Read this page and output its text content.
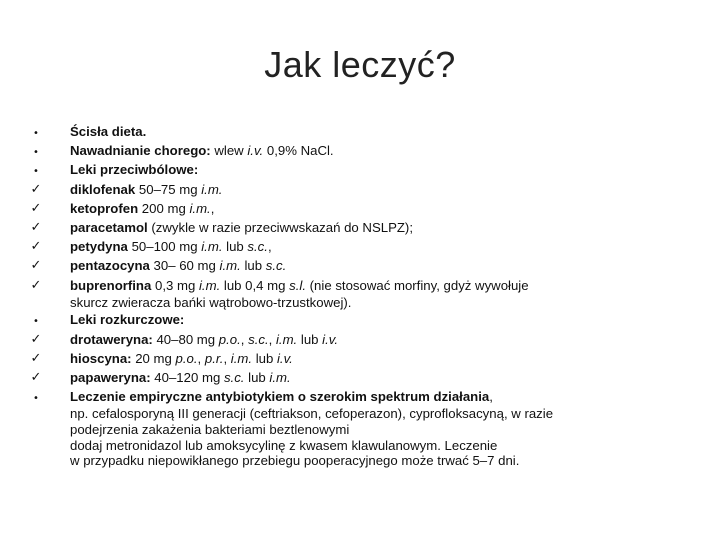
Jak leczyć?
• Ścisła dieta.
• Nawadnianie chorego: wlew i.v. 0,9% NaCl.
• Leki przeciwbólowe:
✓ diklofenak 50–75 mg i.m.
✓ ketoprofen 200 mg i.m.,
✓ paracetamol (zwykle w razie przeciwwskazań do NSLPZ);
✓ petydyna 50–100 mg i.m. lub s.c.,
✓ pentazocyna 30– 60 mg i.m. lub s.c.
✓ buprenorfina 0,3 mg i.m. lub 0,4 mg s.l. (nie stosować morfiny, gdyż wywołuje
skurcz zwieracza bańki wątrobowo-trzustkowej).
• Leki rozkurczowe:
✓ drotaweryna: 40–80 mg p.o., s.c., i.m. lub i.v.
✓ hioscyna: 20 mg p.o., p.r., i.m. lub i.v.
✓ papaweryna: 40–120 mg s.c. lub i.m.
• Leczenie empiryczne antybiotykiem o szerokim spektrum działania,
np. cefalosporyną III generacji (ceftriakson, cefoperazon), cyprofloksacyną, w razie
podejrzenia zakażenia bakteriami beztlenowymi
dodaj metronidazol lub amoksycylinę z kwasem klawulanowym. Leczenie
w przypadku niepowikłanego przebiegu pooperacyjnego może trwać 5–7 dni.
